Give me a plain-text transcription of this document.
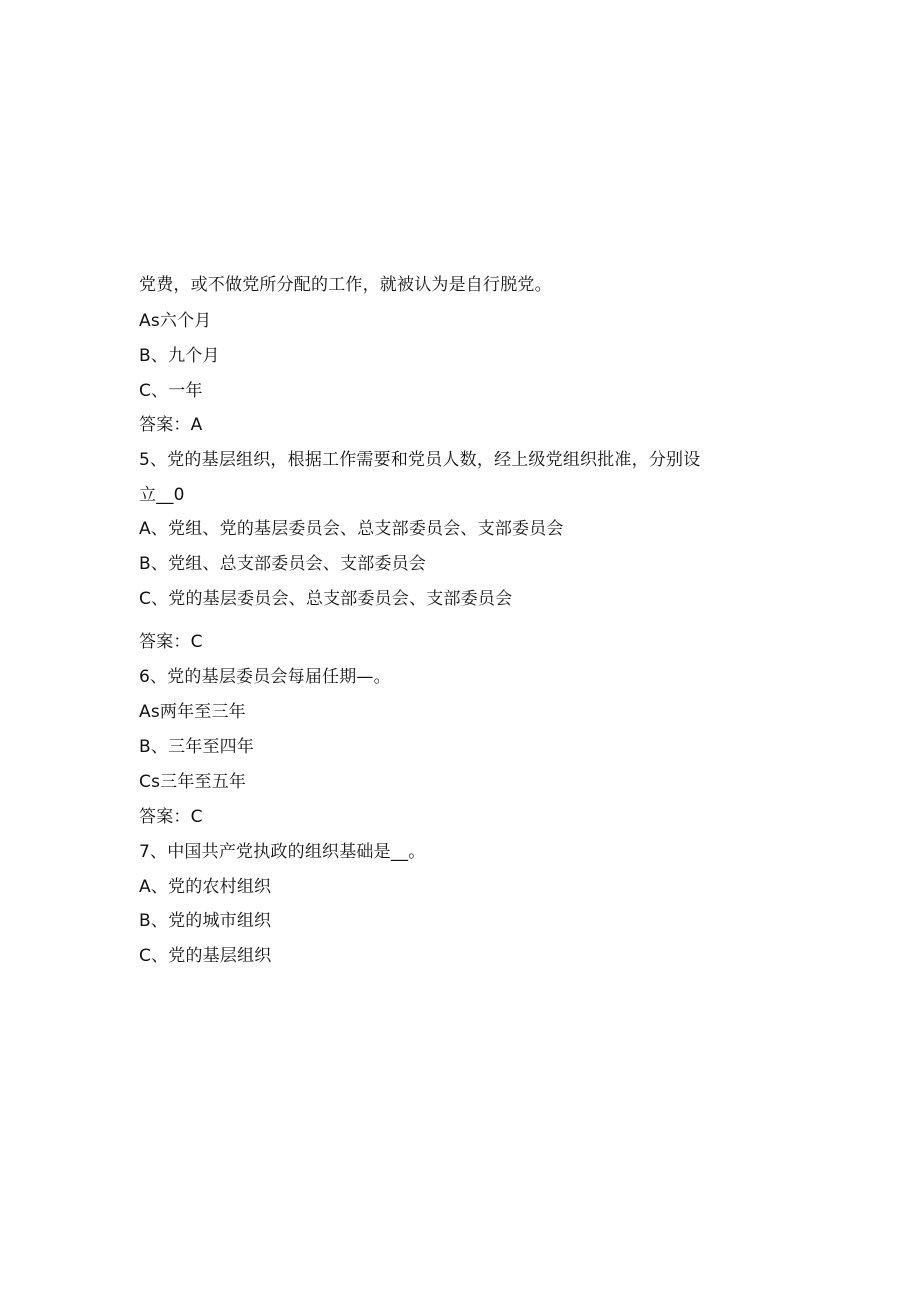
党费，或不做党所分配的工作，就被认为是自行脱党。
As六个月
B、九个月
C、一年
答案：A
5、党的基层组织，根据工作需要和党员人数，经上级党组织批准，分别设
立__0
A、党组、党的基层委员会、总支部委员会、支部委员会
B、党组、总支部委员会、支部委员会
C、党的基层委员会、总支部委员会、支部委员会
答案：C
6、党的基层委员会每届任期—。
As两年至三年
B、三年至四年
Cs三年至五年
答案：C
7、中国共产党执政的组织基础是__。
A、党的农村组织
B、党的城市组织
C、党的基层组织
